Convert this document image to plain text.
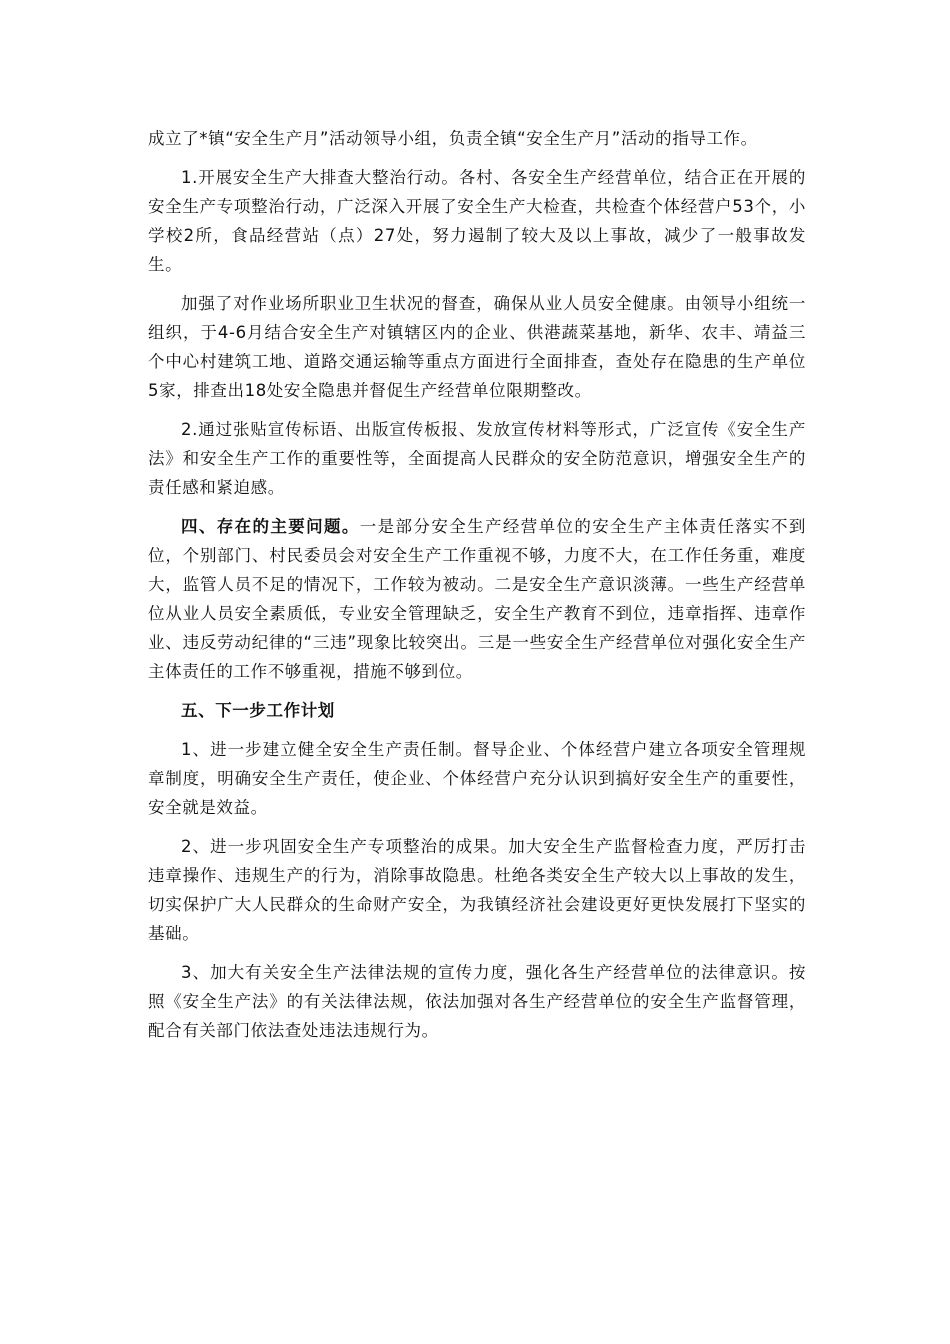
成立了*镇“安全生产月”活动领导小组，负责全镇“安全生产月”活动的指导工作。

1.开展安全生产大排查大整治行动。各村、各安全生产经营单位，结合正在开展的安全生产专项整治行动，广泛深入开展了安全生产大检查，共检查个体经营户53个，小学校2所，食品经营站（点）27处，努力遏制了较大及以上事故，减少了一般事故发生。

加强了对作业场所职业卫生状况的督查，确保从业人员安全健康。由领导小组统一组织，于4-6月结合安全生产对镇辖区内的企业、供港蔬菜基地，新华、农丰、靖益三个中心村建筑工地、道路交通运输等重点方面进行全面排查，查处存在隐患的生产单位5家，排查出18处安全隐患并督促生产经营单位限期整改。

2.通过张贴宣传标语、出版宣传板报、发放宣传材料等形式，广泛宣传《安全生产法》和安全生产工作的重要性等，全面提高人民群众的安全防范意识，增强安全生产的责任感和紧迫感。

四、存在的主要问题。一是部分安全生产经营单位的安全生产主体责任落实不到位，个别部门、村民委员会对安全生产工作重视不够，力度不大，在工作任务重，难度大，监管人员不足的情况下，工作较为被动。二是安全生产意识淡薄。一些生产经营单位从业人员安全素质低，专业安全管理缺乏，安全生产教育不到位，违章指挥、违章作业、违反劳动纪律的“三违”现象比较突出。三是一些安全生产经营单位对强化安全生产主体责任的工作不够重视，措施不够到位。

五、下一步工作计划

1、进一步建立健全安全生产责任制。督导企业、个体经营户建立各项安全管理规章制度，明确安全生产责任，使企业、个体经营户充分认识到搞好安全生产的重要性，安全就是效益。

2、进一步巩固安全生产专项整治的成果。加大安全生产监督检查力度，严厉打击违章操作、违规生产的行为，消除事故隐患。杜绝各类安全生产较大以上事故的发生，切实保护广大人民群众的生命财产安全，为我镇经济社会建设更好更快发展打下坚实的基础。

3、加大有关安全生产法律法规的宣传力度，强化各生产经营单位的法律意识。按照《安全生产法》的有关法律法规，依法加强对各生产经营单位的安全生产监督管理，配合有关部门依法查处违法违规行为。
